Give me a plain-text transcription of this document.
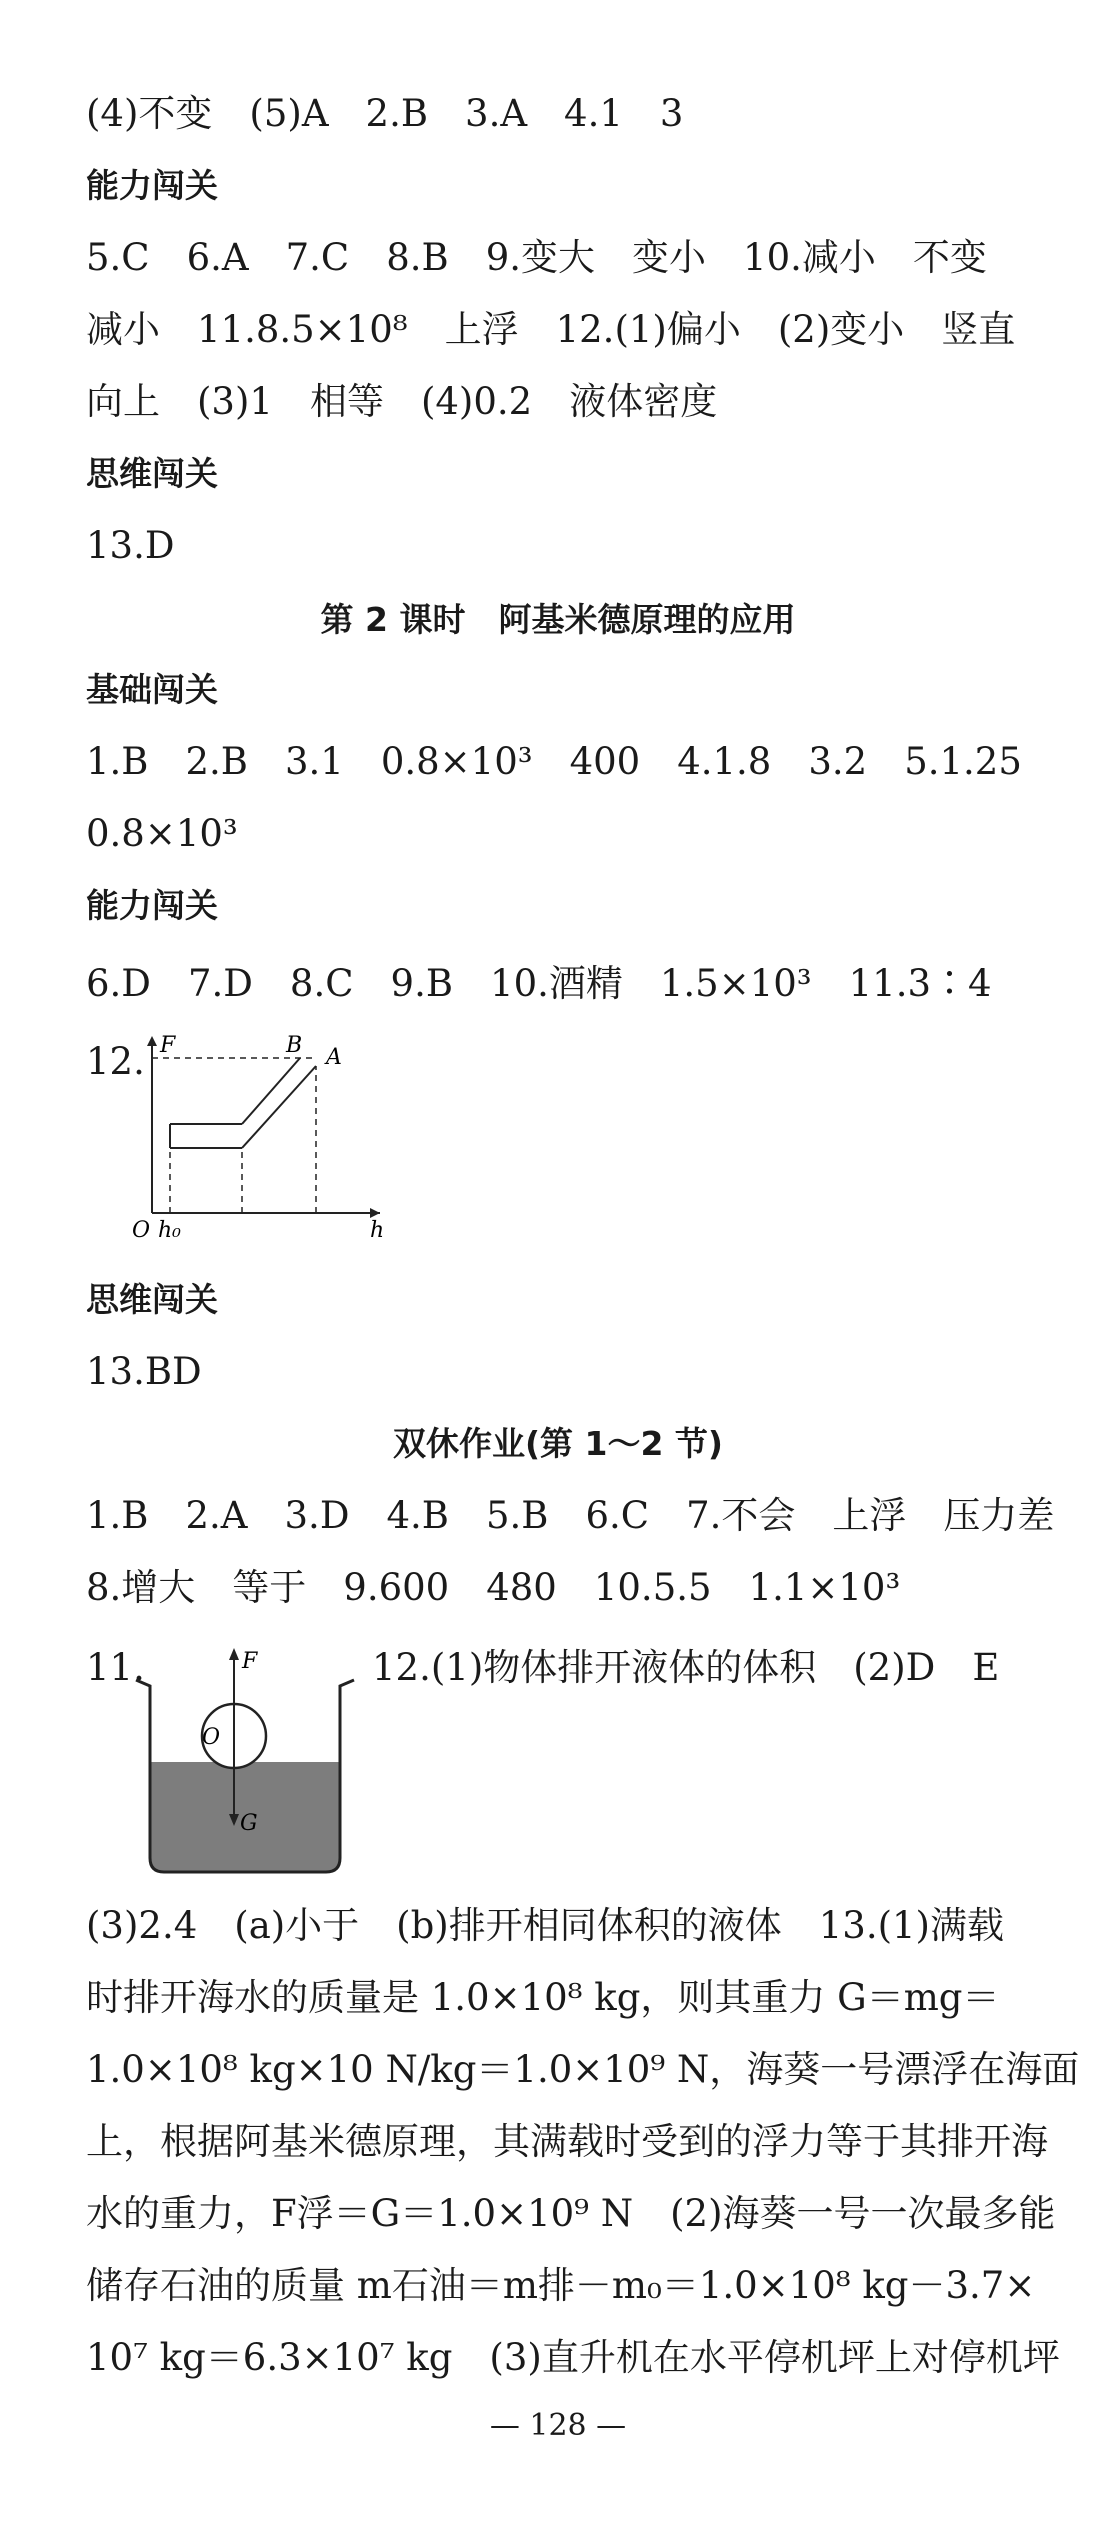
(4)不变　(5)A　2.B　3.A　4.1　3
能力闯关
5.C　6.A　7.C　8.B　9.变大　变小　10.减小　不变
减小　11.8.5×10⁸　上浮　12.(1)偏小　(2)变小　竖直
向上　(3)1　相等　(4)0.2　液体密度
思维闯关
13.D
第 2 课时　阿基米德原理的应用
基础闯关
1.B　2.B　3.1　0.8×10³　400　4.1.8　3.2　5.1.25
0.8×10³
能力闯关
6.D　7.D　8.C　9.B　10.酒精　1.5×10³　11.3∶4
12. F	B A
O h₀	h
思维闯关
13.BD
双休作业(第 1～2 节)
1.B　2.A　3.D　4.B　5.B　6.C　7.不会　上浮　压力差
8.增大　等于　9.600　480　10.5.5　1.1×10³
11.	F
O
G
12.(1)物体排开液体的体积　(2)D　E
(3)2.4　(a)小于　(b)排开相同体积的液体　13.(1)满载
时排开海水的质量是 1.0×10⁸ kg，则其重力 G＝mg＝
1.0×10⁸ kg×10 N/kg＝1.0×10⁹ N，海葵一号漂浮在海面
上，根据阿基米德原理，其满载时受到的浮力等于其排开海
水的重力，F浮＝G＝1.0×10⁹ N　(2)海葵一号一次最多能
储存石油的质量 m石油＝m排－m₀＝1.0×10⁸ kg－3.7×
10⁷ kg＝6.3×10⁷ kg　(3)直升机在水平停机坪上对停机坪
— 128 —
